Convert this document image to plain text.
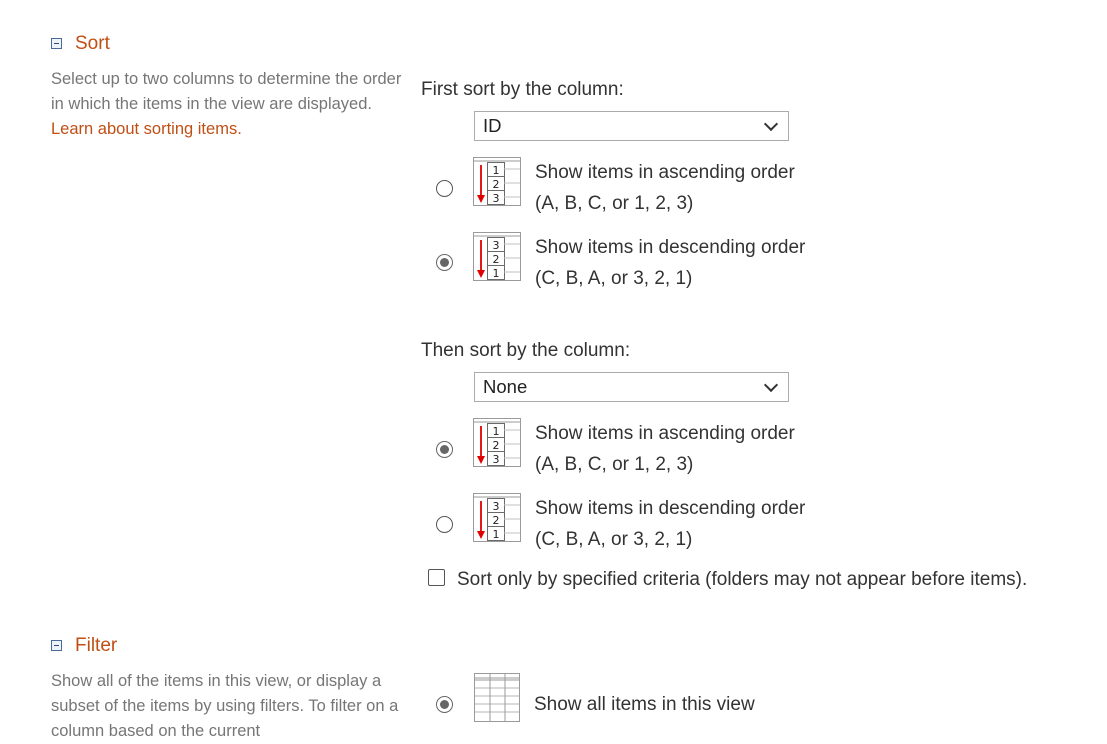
Sort
Select up to two columns to determine the order in which the items in the view are displayed. Learn about sorting items.
First sort by the column:
ID
1
2
3
Show items in ascending order
(A, B, C, or 1, 2, 3)
3
2
1
Show items in descending order
(C, B, A, or 3, 2, 1)
Then sort by the column:
None
1
2
3
Show items in ascending order
(A, B, C, or 1, 2, 3)
3
2
1
Show items in descending order
(C, B, A, or 3, 2, 1)
Sort only by specified criteria (folders may not appear before items).
Filter
Show all of the items in this view, or display a subset of the items by using filters. To filter on a column based on the current
Show all items in this view
